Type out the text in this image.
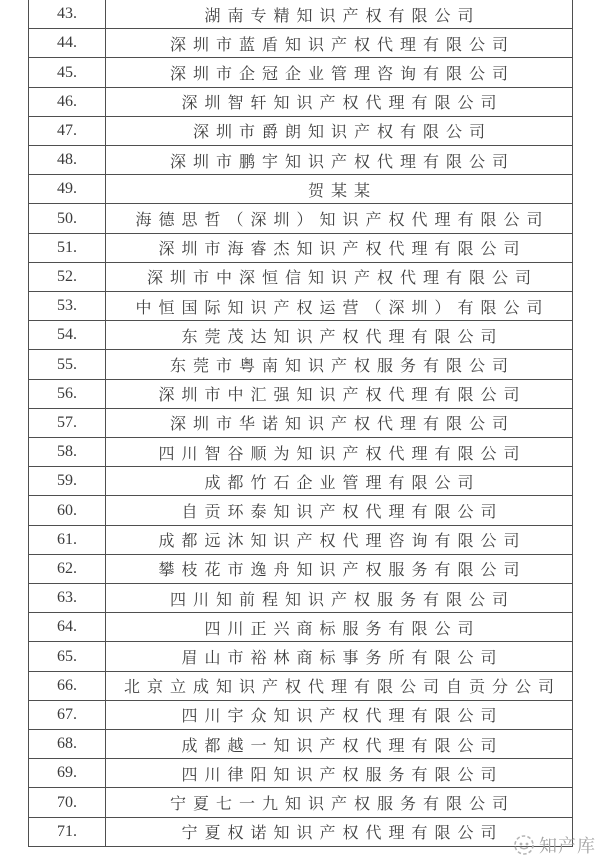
43.	湖南专精知识产权有限公司
44.	深圳市蓝盾知识产权代理有限公司
45.	深圳市企冠企业管理咨询有限公司
46.	深圳智轩知识产权代理有限公司
47.	深圳市爵朗知识产权有限公司
48.	深圳市鹏宇知识产权代理有限公司
49.	贺某某
50.	海德思哲（深圳）知识产权代理有限公司
51.	深圳市海睿杰知识产权代理有限公司
52.	深圳市中深恒信知识产权代理有限公司
53.	中恒国际知识产权运营（深圳）有限公司
54.	东莞茂达知识产权代理有限公司
55.	东莞市粤南知识产权服务有限公司
56.	深圳市中汇强知识产权代理有限公司
57.	深圳市华诺知识产权代理有限公司
58.	四川智谷顺为知识产权代理有限公司
59.	成都竹石企业管理有限公司
60.	自贡环泰知识产权代理有限公司
61.	成都远沐知识产权代理咨询有限公司
62.	攀枝花市逸舟知识产权服务有限公司
63.	四川知前程知识产权服务有限公司
64.	四川正兴商标服务有限公司
65.	眉山市裕林商标事务所有限公司
66.	北京立成知识产权代理有限公司自贡分公司
67.	四川宇众知识产权代理有限公司
68.	成都越一知识产权代理有限公司
69.	四川律阳知识产权服务有限公司
70.	宁夏七一九知识产权服务有限公司
71.	宁夏权诺知识产权代理有限公司
知产库
